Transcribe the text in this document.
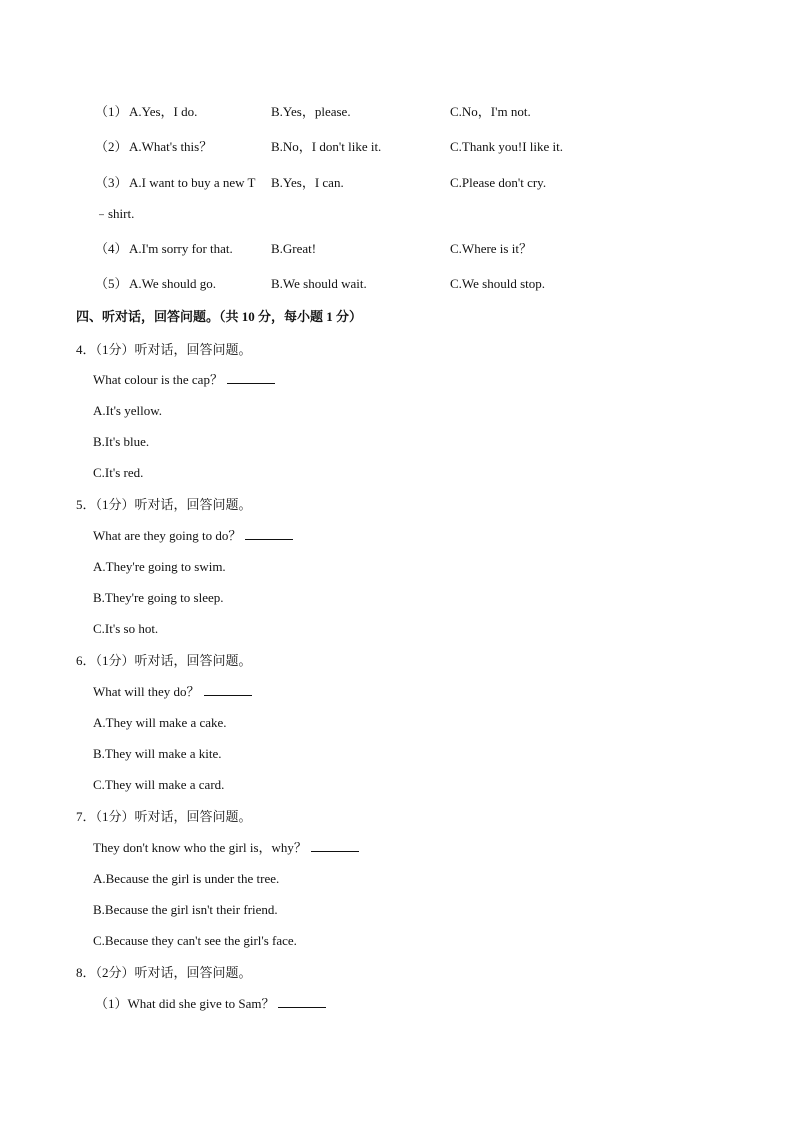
（1） A.Yes，I do.	B.Yes，please.	C.No，I'm not.
（2） A.What's this？	B.No，I don't like it.	C.Thank you!I like it.
（3） A.I want to buy a new T B.Yes，I can.	C.Please don't cry.
﹣shirt.
（4） A.I'm sorry for that.	B.Great!	C.Where is it？
（5） A.We should go.	B.We should wait.	C.We should stop.
四、听对话，回答问题。（共 10 分，每小题 1 分）
4．（1分）听对话，回答问题。
What colour is the cap？
A.It's yellow.
B.It's blue.
C.It's red.
5．（1分）听对话，回答问题。
What are they going to do？
A.They're going to swim.
B.They're going to sleep.
C.It's so hot.
6．（1分）听对话，回答问题。
What will they do？
A.They will make a cake.
B.They will make a kite.
C.They will make a card.
7．（1分）听对话，回答问题。
They don't know who the girl is，why？
A.Because the girl is under the tree.
B.Because the girl isn't their friend.
C.Because they can't see the girl's face.
8．（2分）听对话，回答问题。
（1）What did she give to Sam？
